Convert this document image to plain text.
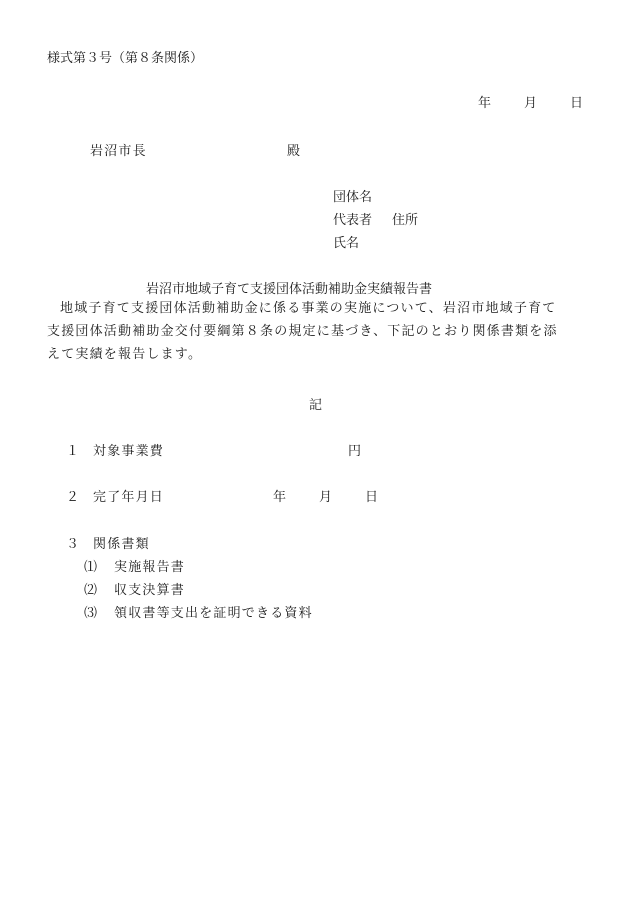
様式第３号（第８条関係）
年	月	日
岩沼市長	殿
団体名
代表者 住所
氏名
岩沼市地域子育て支援団体活動補助金実績報告書
地域子育て支援団体活動補助金に係る事業の実施について、岩沼市地域子育て
支援団体活動補助金交付要綱第８条の規定に基づき、下記のとおり関係書類を添
えて実績を報告します。
記
１ 対象事業費	円
２ 完了年月日	年	月	日
３ 関係書類
⑴ 実施報告書
⑵ 収支決算書
⑶ 領収書等支出を証明できる資料
